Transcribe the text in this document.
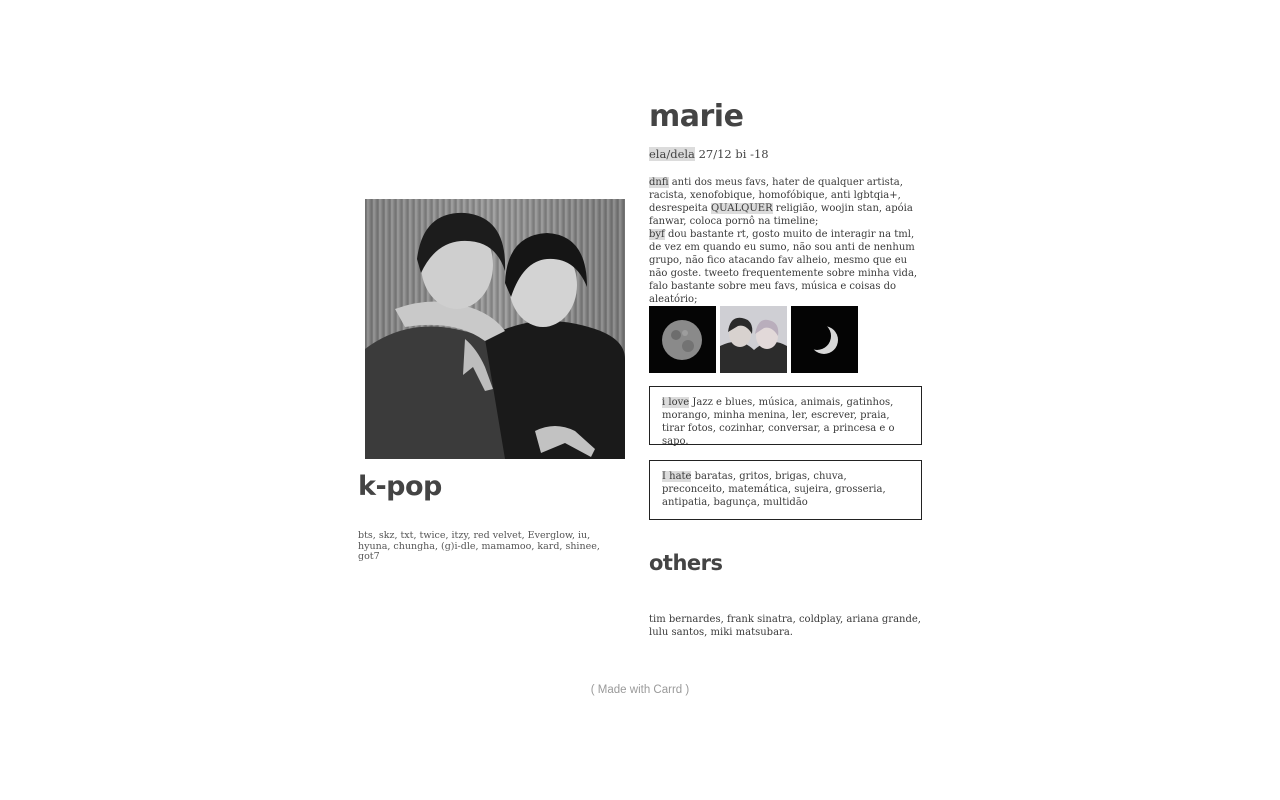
k-pop
bts, skz, txt, twice, itzy, red velvet, Everglow, iu, hyuna, chungha, (g)i-dle, mamamoo, kard, shinee, got7
marie
ela/dela 27/12 bi -18
dnfi anti dos meus favs, hater de qualquer artista, racista, xenofobique, homofóbique, anti lgbtqia+, desrespeita QUALQUER religião, woojin stan, apóia fanwar, coloca pornô na timeline;
byf dou bastante rt, gosto muito de interagir na tml, de vez em quando eu sumo, não sou anti de nenhum grupo, não fico atacando fav alheio, mesmo que eu não goste. tweeto frequentemente sobre minha vida, falo bastante sobre meu favs, música e coisas do aleatório;
i love Jazz e blues, música, animais, gatinhos, morango, minha menina, ler, escrever, praia, tirar fotos, cozinhar, conversar, a princesa e o sapo.
I hate baratas, gritos, brigas, chuva, preconceito, matemática, sujeira, grosseria, antipatia, bagunça, multidão
others
tim bernardes, frank sinatra, coldplay, ariana grande, lulu santos, miki matsubara.
( Made with Carrd )
